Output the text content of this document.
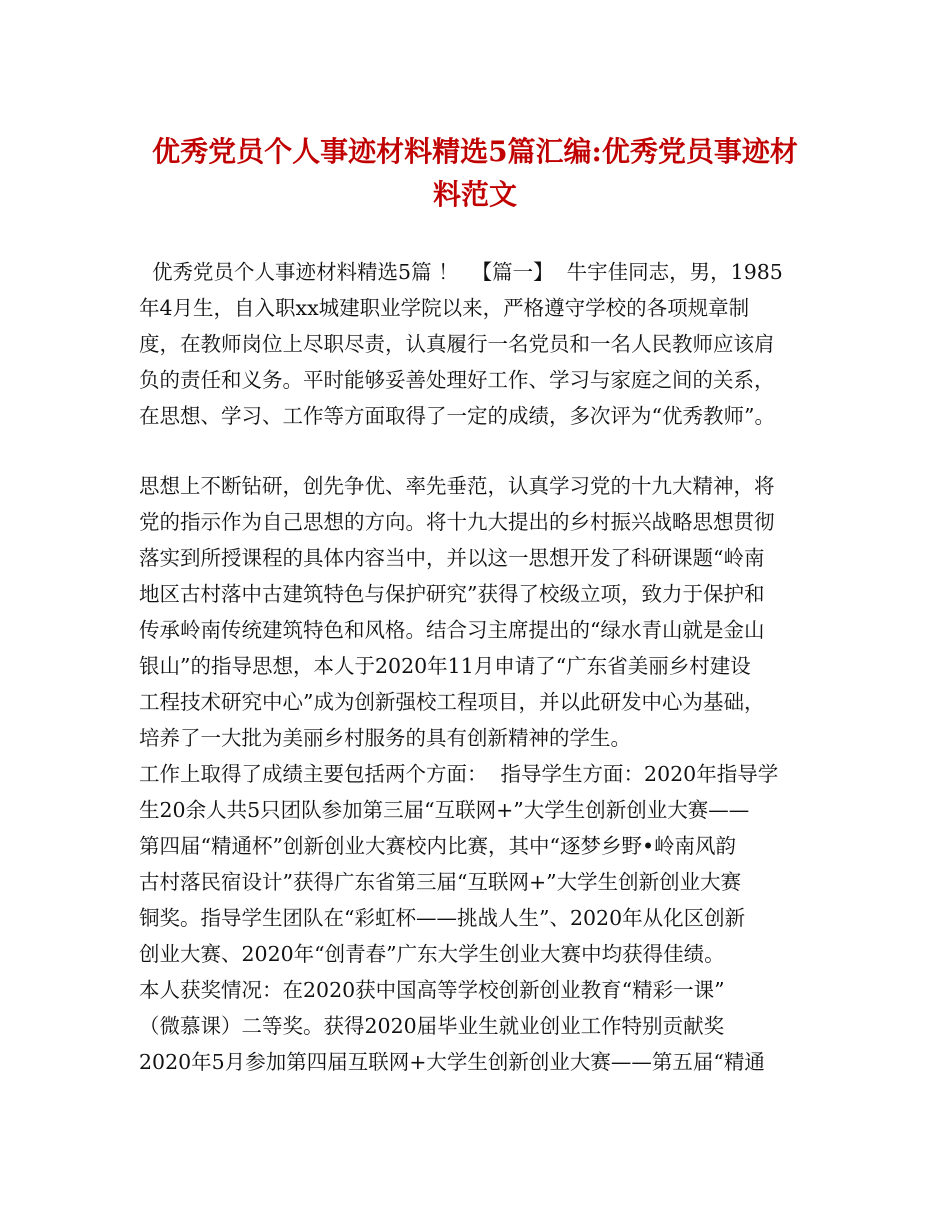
优秀党员个人事迹材料精选5篇汇编:优秀党员事迹材
料范文
优秀党员个人事迹材料精选5篇 ！  【篇一】  牛宇佳同志，男，1985
年4月生，自入职xx城建职业学院以来，严格遵守学校的各项规章制
度，在教师岗位上尽职尽责，认真履行一名党员和一名人民教师应该肩
负的责任和义务。平时能够妥善处理好工作、学习与家庭之间的关系，
在思想、学习、工作等方面取得了一定的成绩，多次评为“优秀教师”。
思想上不断钻研，创先争优、率先垂范，认真学习党的十九大精神，将
党的指示作为自己思想的方向。将十九大提出的乡村振兴战略思想贯彻
落实到所授课程的具体内容当中，并以这一思想开发了科研课题“岭南
地区古村落中古建筑特色与保护研究”获得了校级立项，致力于保护和
传承岭南传统建筑特色和风格。结合习主席提出的“绿水青山就是金山
银山”的指导思想，本人于2020年11月申请了“广东省美丽乡村建设
工程技术研究中心”成为创新强校工程项目，并以此研发中心为基础，
培养了一大批为美丽乡村服务的具有创新精神的学生。
工作上取得了成绩主要包括两个方面：  指导学生方面：2020年指导学
生20余人共5只团队参加第三届“互联网+”大学生创新创业大赛——
第四届“精通杯”创新创业大赛校内比赛，其中“逐梦乡野•岭南风韵
古村落民宿设计”获得广东省第三届“互联网+”大学生创新创业大赛
铜奖。指导学生团队在“彩虹杯——挑战人生”、2020年从化区创新
创业大赛、2020年“创青春”广东大学生创业大赛中均获得佳绩。
本人获奖情况：在2020获中国高等学校创新创业教育“精彩一课”
（微慕课）二等奖。获得2020届毕业生就业创业工作特别贡献奖
2020年5月参加第四届互联网+大学生创新创业大赛——第五届“精通
